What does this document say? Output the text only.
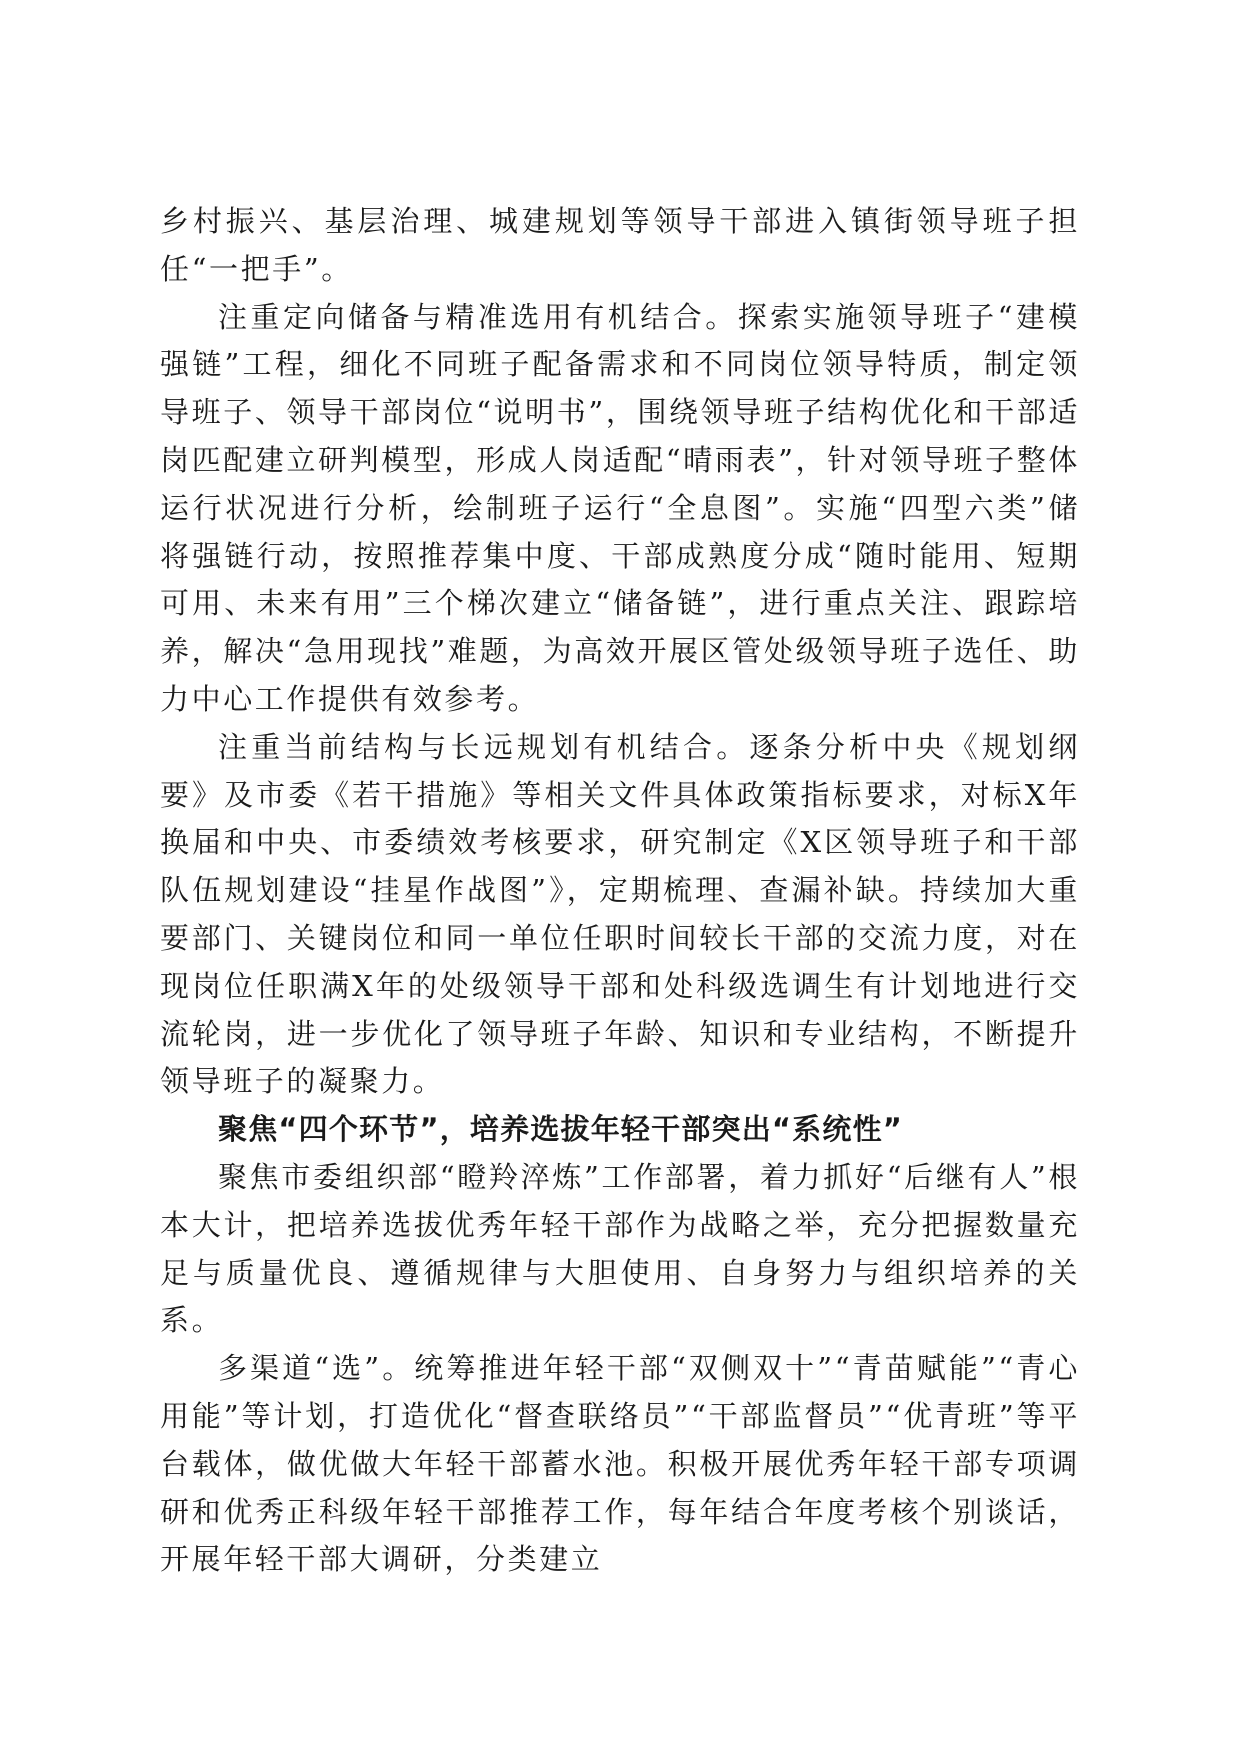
乡村振兴、基层治理、城建规划等领导干部进入镇街领导班子担任“一把手”。

注重定向储备与精准选用有机结合。探索实施领导班子“建模强链”工程，细化不同班子配备需求和不同岗位领导特质，制定领导班子、领导干部岗位“说明书”，围绕领导班子结构优化和干部适岗匹配建立研判模型，形成人岗适配“晴雨表”，针对领导班子整体运行状况进行分析，绘制班子运行“全息图”。实施“四型六类”储将强链行动，按照推荐集中度、干部成熟度分成“随时能用、短期可用、未来有用”三个梯次建立“储备链”，进行重点关注、跟踪培养，解决“急用现找”难题，为高效开展区管处级领导班子选任、助力中心工作提供有效参考。

注重当前结构与长远规划有机结合。逐条分析中央《规划纲要》及市委《若干措施》等相关文件具体政策指标要求，对标X年换届和中央、市委绩效考核要求，研究制定《X区领导班子和干部队伍规划建设“挂星作战图”》，定期梳理、查漏补缺。持续加大重要部门、关键岗位和同一单位任职时间较长干部的交流力度，对在现岗位任职满X年的处级领导干部和处科级选调生有计划地进行交流轮岗，进一步优化了领导班子年龄、知识和专业结构，不断提升领导班子的凝聚力。

聚焦“四个环节”，培养选拔年轻干部突出“系统性”

聚焦市委组织部“瞪羚淬炼”工作部署，着力抓好“后继有人”根本大计，把培养选拔优秀年轻干部作为战略之举，充分把握数量充足与质量优良、遵循规律与大胆使用、自身努力与组织培养的关系。

多渠道“选”。统筹推进年轻干部“双侧双十”“青苗赋能”“青心用能”等计划，打造优化“督查联络员”“干部监督员”“优青班”等平台载体，做优做大年轻干部蓄水池。积极开展优秀年轻干部专项调研和优秀正科级年轻干部推荐工作，每年结合年度考核个别谈话，开展年轻干部大调研，分类建立
